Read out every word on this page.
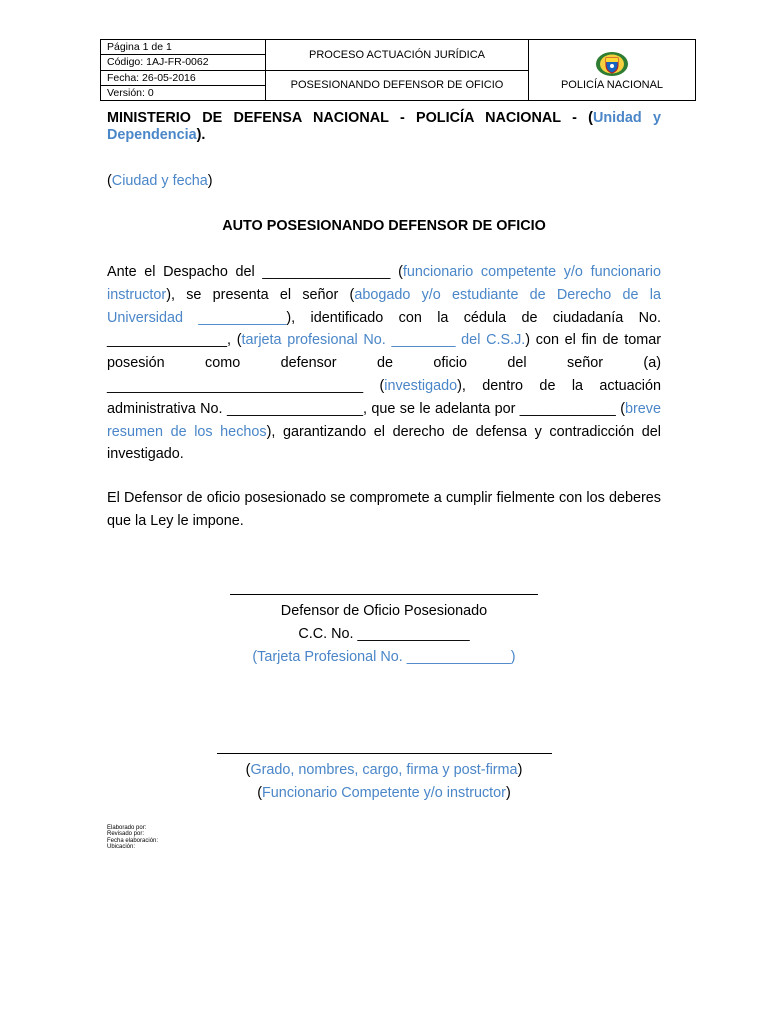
Página 1 de 1
Código: 1AJ-FR-0062
Fecha: 26-05-2016
Versión: 0
PROCESO ACTUACIÓN JURÍDICA
POSESIONANDO DEFENSOR DE OFICIO	POLICÍA NACIONAL
MINISTERIO DE DEFENSA NACIONAL - POLICÍA NACIONAL - (Unidad y Dependencia).
(Ciudad y fecha)
AUTO POSESIONANDO DEFENSOR DE OFICIO
Ante el Despacho del ________________ (funcionario competente y/o funcionario instructor), se presenta el señor (abogado y/o estudiante de Derecho de la Universidad ___________), identificado con la cédula de ciudadanía No. _______________, (tarjeta profesional No. ________ del C.S.J.) con el fin de tomar posesión como defensor de oficio del señor (a) ________________________________ (investigado), dentro de la actuación administrativa No. _________________, que se le adelanta por ____________ (breve resumen de los hechos), garantizando el derecho de defensa y contradicción del investigado.
El Defensor de oficio posesionado se compromete a cumplir fielmente con los deberes que la Ley le impone.
Defensor de Oficio Posesionado
C.C. No. ______________
(Tarjeta Profesional No. _____________)
(Grado, nombres, cargo, firma y post-firma)
(Funcionario Competente y/o instructor)
Elaborado por:
Revisado por:
Fecha elaboración:
Ubicación:
